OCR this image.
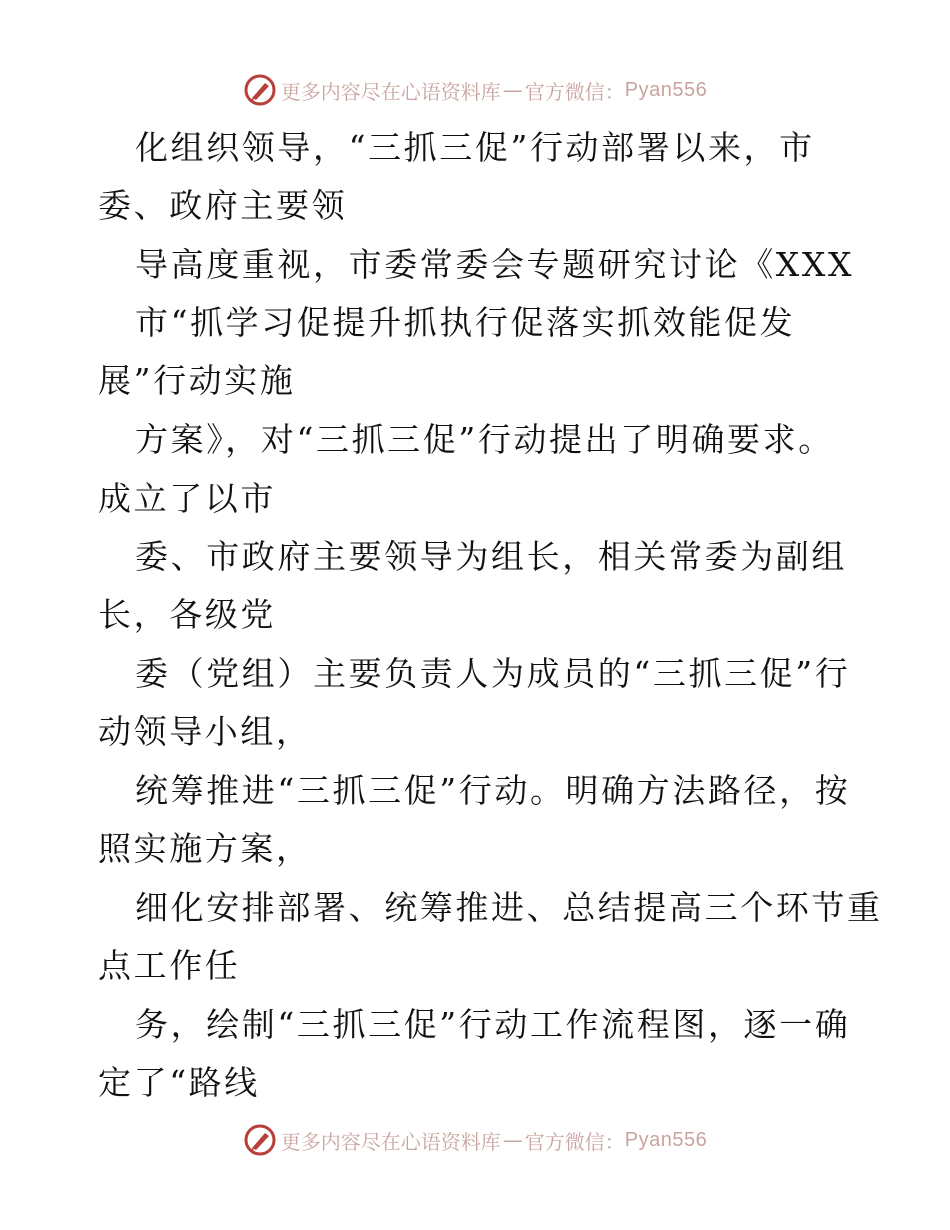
更多内容尽在心语资料库 — 官方微信： Pyan556
化组织领导，“三抓三促”行动部署以来，市
委、政府主要领
导高度重视，市委常委会专题研究讨论《XXX
市“抓学习促提升抓执行促落实抓效能促发
展”行动实施
方案》，对“三抓三促”行动提出了明确要求。
成立了以市
委、市政府主要领导为组长，相关常委为副组
长，各级党
委（党组）主要负责人为成员的“三抓三促”行
动领导小组，
统筹推进“三抓三促”行动。明确方法路径，按
照实施方案，
细化安排部署、统筹推进、总结提高三个环节重
点工作任
务，绘制“三抓三促”行动工作流程图，逐一确
定了“路线
更多内容尽在心语资料库 — 官方微信： Pyan556
